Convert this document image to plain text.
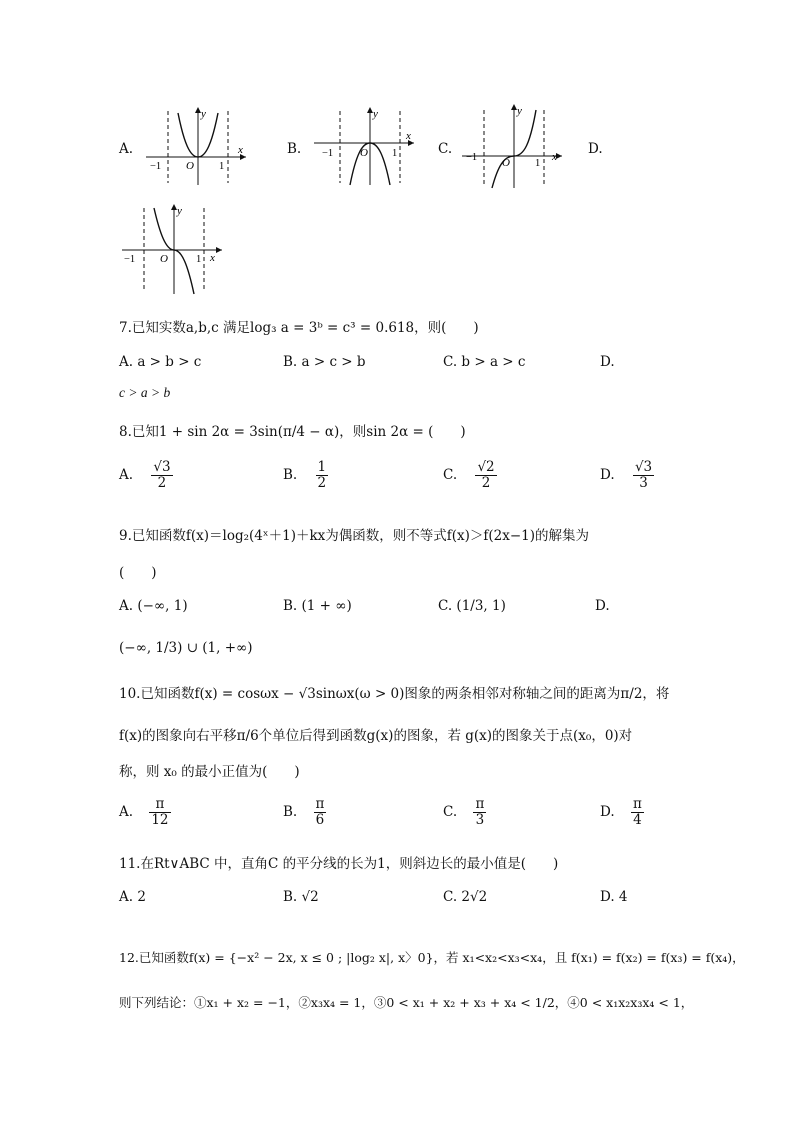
A.
y
x
O
−1	1
B.
y
x
O
−1	1	C.
y
x
O
−1
1
D.
y
x
O
−1	1
7.已知实数a,b,c 满足log₃ a = 3ᵇ = c³ = 0.618，则(　　)
A. a > b > c	B. a > c > b	C. b > a > c	D.
c > a > b
8.已知1 + sin 2α = 3sin(π/4 − α)，则sin 2α = (　　)
A. $\frac{√3}{2}$	B. $\frac{1}{2}$	C. $\frac{√2}{2}$	D. $\frac{√3}{3}$
9.已知函数f(x)＝log₂(4ˣ＋1)＋kx为偶函数，则不等式f(x)＞f(2x−1)的解集为
(　　)
A. (−∞, 1)	B. (1 + ∞)	C. (1/3, 1)	D.
(−∞, 1/3) ∪ (1, +∞)
10.已知函数f(x) = cosωx − √3sinωx(ω > 0)图象的两条相邻对称轴之间的距离为π/2，将
f(x)的图象向右平移π/6个单位后得到函数g(x)的图象，若 g(x)的图象关于点(x₀，0)对
称，则 x₀ 的最小正值为(　　)
A. $\frac{\pi}{12}$	B. $\frac{\pi}{6}$	C. $\frac{\pi}{3}$	D. $\frac{\pi}{4}$
11.在Rt∨ABC 中，直角C 的平分线的长为1，则斜边长的最小值是(　　)
A. 2	B. √2	C. 2√2	D. 4
12.已知函数f(x) = {−x² − 2x, x ≤ 0 ; |log₂ x|, x〉0}，若 x₁<x₂<x₃<x₄，且 f(x₁) = f(x₂) = f(x₃) = f(x₄)，
则下列结论：①x₁ + x₂ = −1，②x₃x₄ = 1，③0 < x₁ + x₂ + x₃ + x₄ < 1/2，④0 < x₁x₂x₃x₄ < 1，
